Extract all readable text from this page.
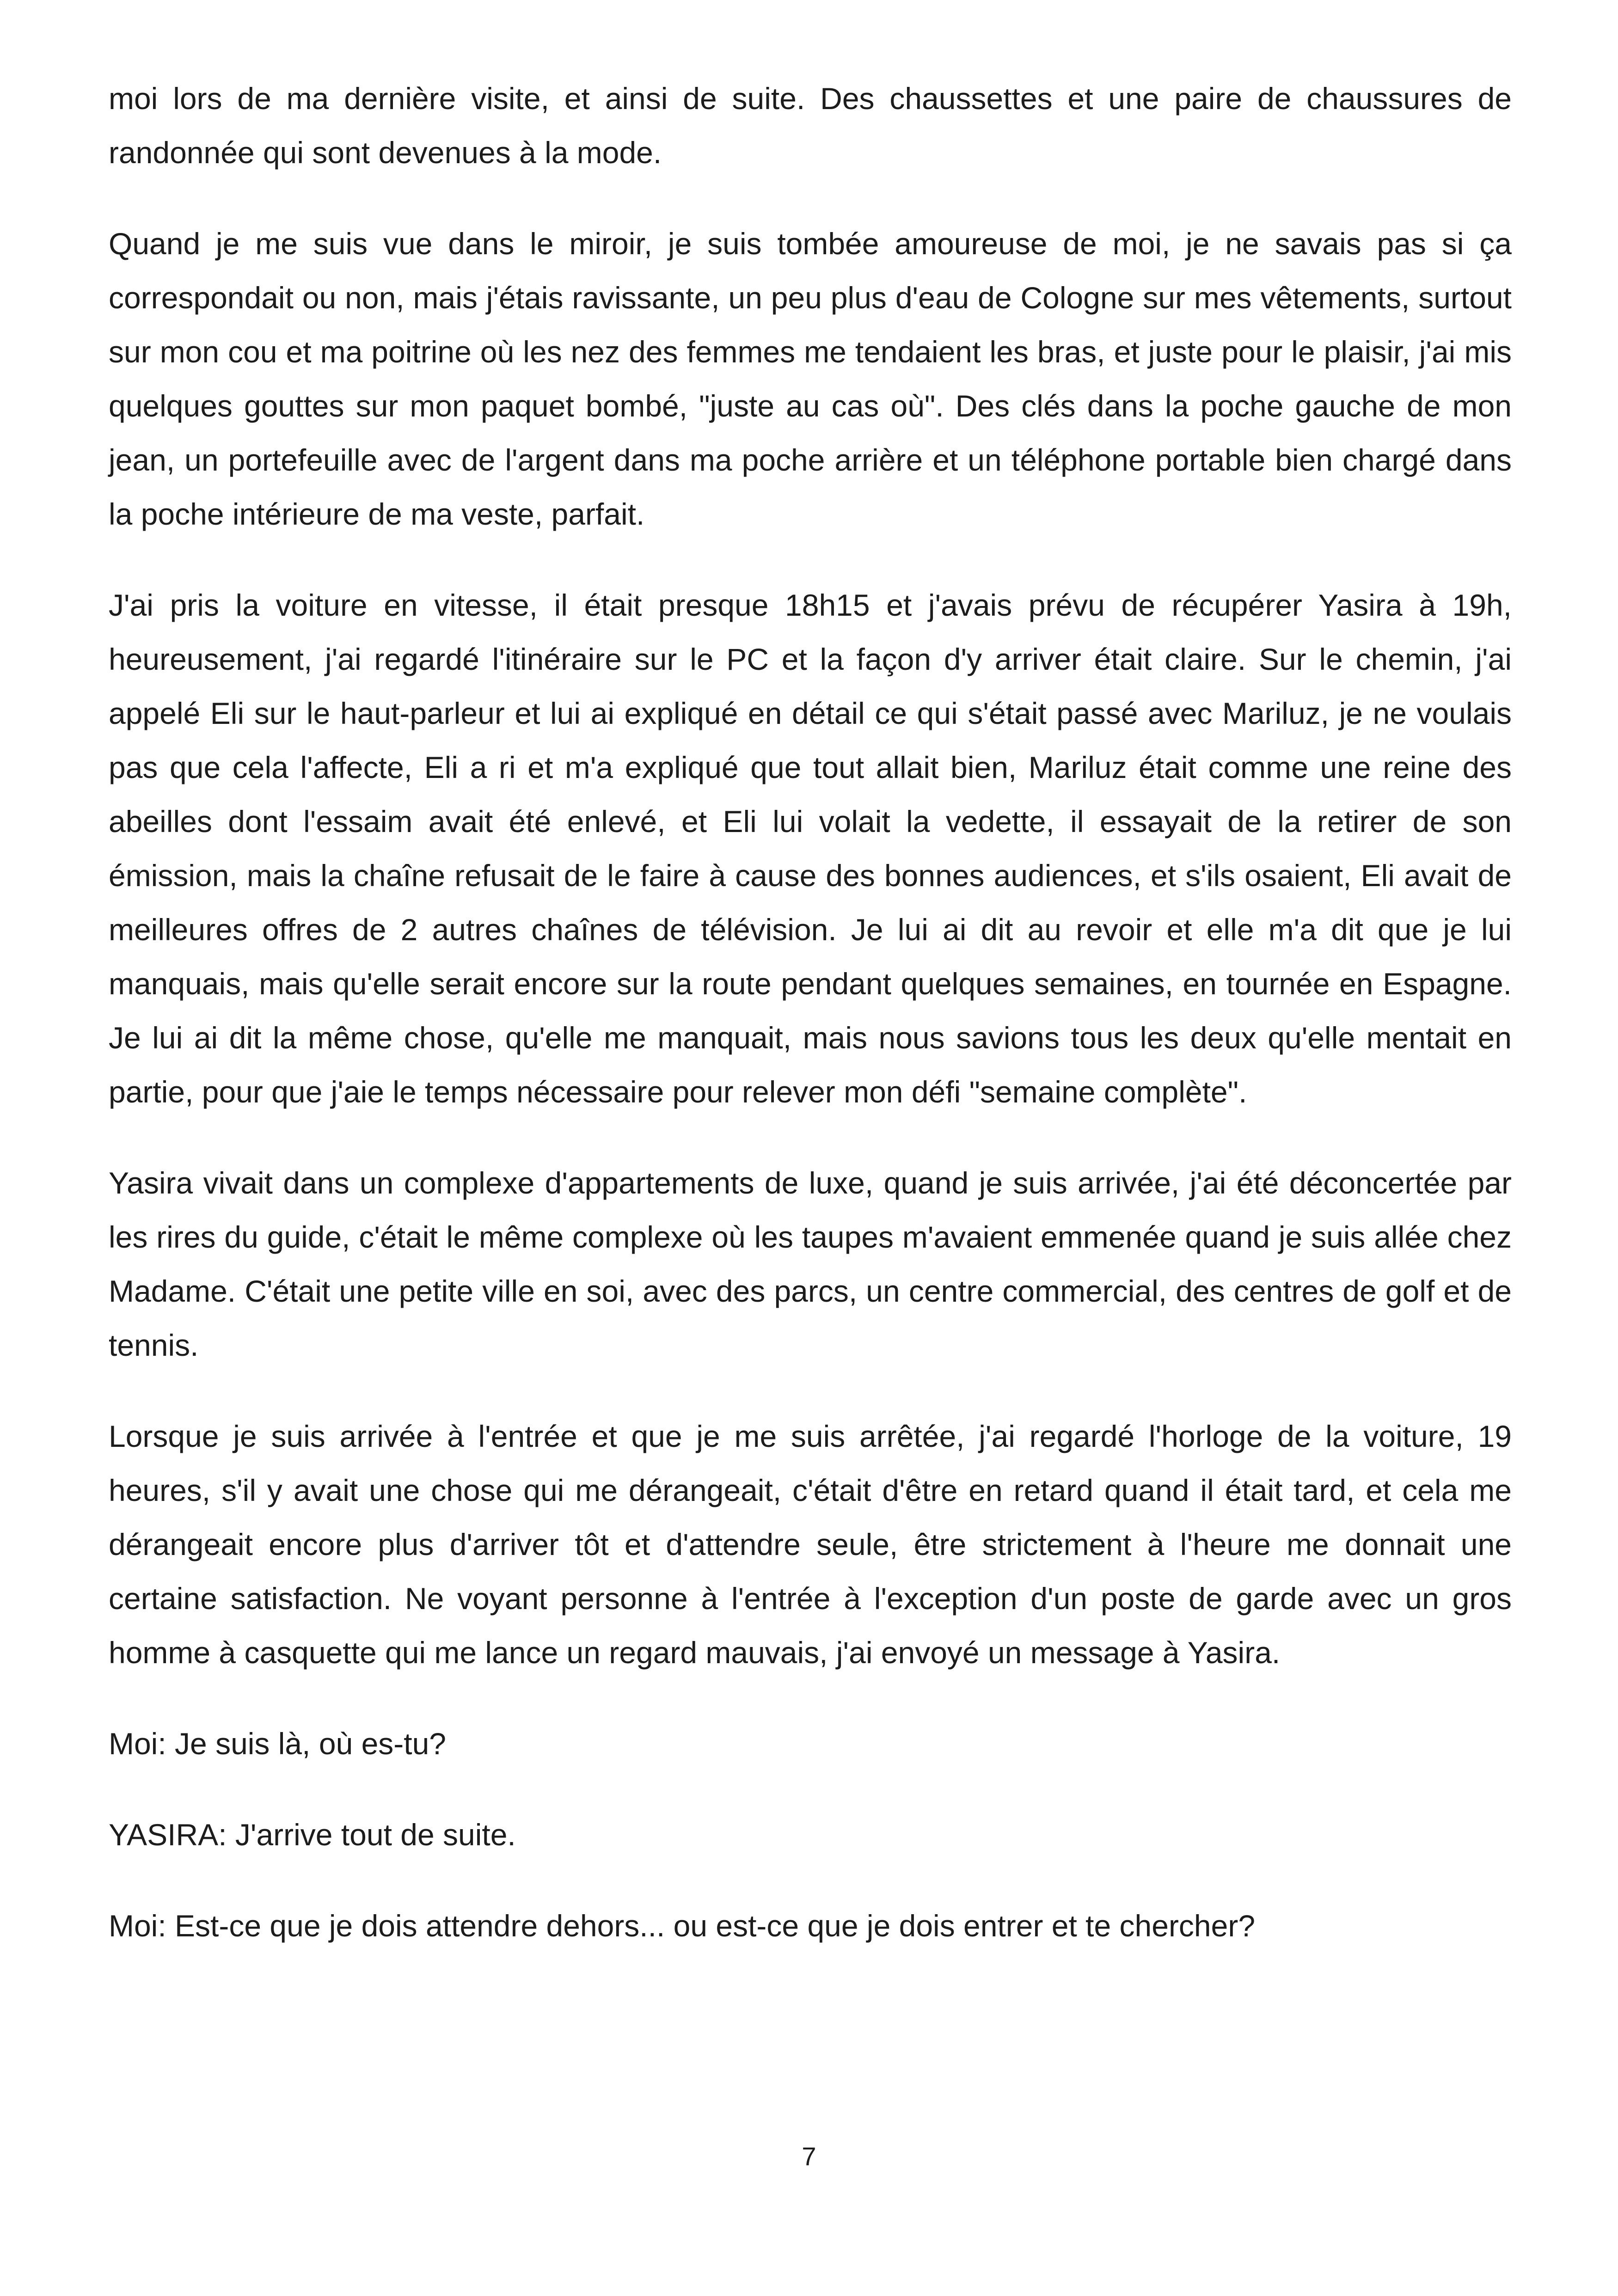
moi lors de ma dernière visite, et ainsi de suite. Des chaussettes et une paire de chaussures de randonnée qui sont devenues à la mode.

Quand je me suis vue dans le miroir, je suis tombée amoureuse de moi, je ne savais pas si ça correspondait ou non, mais j'étais ravissante, un peu plus d'eau de Cologne sur mes vêtements, surtout sur mon cou et ma poitrine où les nez des femmes me tendaient les bras, et juste pour le plaisir, j'ai mis quelques gouttes sur mon paquet bombé, "juste au cas où". Des clés dans la poche gauche de mon jean, un portefeuille avec de l'argent dans ma poche arrière et un téléphone portable bien chargé dans la poche intérieure de ma veste, parfait.

J'ai pris la voiture en vitesse, il était presque 18h15 et j'avais prévu de récupérer Yasira à 19h, heureusement, j'ai regardé l'itinéraire sur le PC et la façon d'y arriver était claire. Sur le chemin, j'ai appelé Eli sur le haut-parleur et lui ai expliqué en détail ce qui s'était passé avec Mariluz, je ne voulais pas que cela l'affecte, Eli a ri et m'a expliqué que tout allait bien, Mariluz était comme une reine des abeilles dont l'essaim avait été enlevé, et Eli lui volait la vedette, il essayait de la retirer de son émission, mais la chaîne refusait de le faire à cause des bonnes audiences, et s'ils osaient, Eli avait de meilleures offres de 2 autres chaînes de télévision. Je lui ai dit au revoir et elle m'a dit que je lui manquais, mais qu'elle serait encore sur la route pendant quelques semaines, en tournée en Espagne. Je lui ai dit la même chose, qu'elle me manquait, mais nous savions tous les deux qu'elle mentait en partie, pour que j'aie le temps nécessaire pour relever mon défi "semaine complète".

Yasira vivait dans un complexe d'appartements de luxe, quand je suis arrivée, j'ai été déconcertée par les rires du guide, c'était le même complexe où les taupes m'avaient emmenée quand je suis allée chez Madame. C'était une petite ville en soi, avec des parcs, un centre commercial, des centres de golf et de tennis.

Lorsque je suis arrivée à l'entrée et que je me suis arrêtée, j'ai regardé l'horloge de la voiture, 19 heures, s'il y avait une chose qui me dérangeait, c'était d'être en retard quand il était tard, et cela me dérangeait encore plus d'arriver tôt et d'attendre seule, être strictement à l'heure me donnait une certaine satisfaction. Ne voyant personne à l'entrée à l'exception d'un poste de garde avec un gros homme à casquette qui me lance un regard mauvais, j'ai envoyé un message à Yasira.

Moi: Je suis là, où es-tu?

YASIRA: J'arrive tout de suite.

Moi: Est-ce que je dois attendre dehors... ou est-ce que je dois entrer et te chercher?

7
